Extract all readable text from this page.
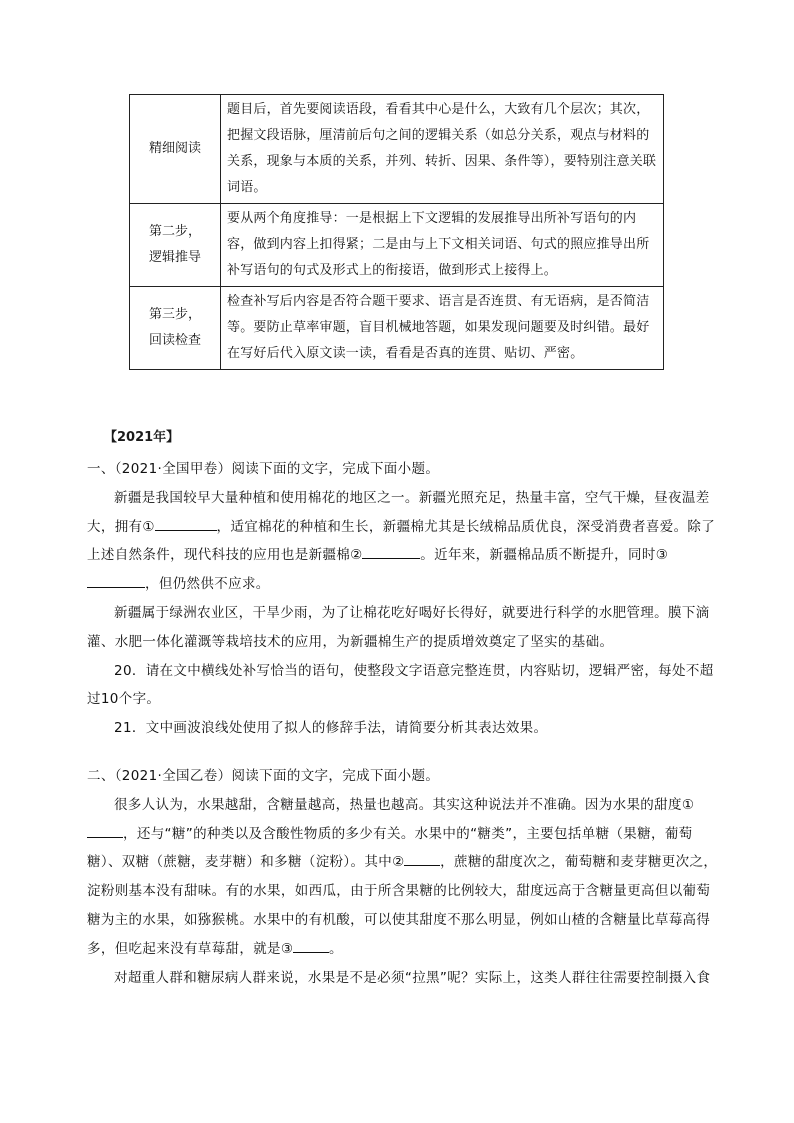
精细阅读	题目后，首先要阅读语段，看看其中心是什么，大致有几个层次；其次，把握文段语脉，厘清前后句之间的逻辑关系（如总分关系，观点与材料的关系，现象与本质的关系，并列、转折、因果、条件等），要特别注意关联词语。

第二步，
逻辑推导	要从两个角度推导：一是根据上下文逻辑的发展推导出所补写语句的内容，做到内容上扣得紧；二是由与上下文相关词语、句式的照应推导出所补写语句的句式及形式上的衔接语，做到形式上接得上。

第三步，
回读检查	检查补写后内容是否符合题干要求、语言是否连贯、有无语病，是否简洁等。要防止草率审题，盲目机械地答题，如果发现问题要及时纠错。最好在写好后代入原文读一读，看看是否真的连贯、贴切、严密。
【2021年】

一、（2021·全国甲卷）阅读下面的文字，完成下面小题。

新疆是我国较早大量种植和使用棉花的地区之一。新疆光照充足，热量丰富，空气干燥，昼夜温差大，拥有①	，适宜棉花的种植和生长，新疆棉尤其是长绒棉品质优良，深受消费者喜爱。除了上述自然条件，现代科技的应用也是新疆棉②	。近年来，新疆棉品质不断提升，同时③，但仍然供不应求。

新疆属于绿洲农业区，干旱少雨，为了让棉花吃好喝好长得好，就要进行科学的水肥管理。膜下滴灌、水肥一体化灌溉等栽培技术的应用，为新疆棉生产的提质增效奠定了坚实的基础。

20．请在文中横线处补写恰当的语句，使整段文字语意完整连贯，内容贴切，逻辑严密，每处不超过10个字。

21．文中画波浪线处使用了拟人的修辞手法，请简要分析其表达效果。

二、（2021·全国乙卷）阅读下面的文字，完成下面小题。

很多人认为，水果越甜，含糖量越高，热量也越高。其实这种说法并不准确。因为水果的甜度①，还与“糖”的种类以及含酸性物质的多少有关。水果中的“糖类”，主要包括单糖（果糖，葡萄糖）、双糖（蔗糖，麦芽糖）和多糖（淀粉）。其中②	，蔗糖的甜度次之，葡萄糖和麦芽糖更次之，淀粉则基本没有甜味。有的水果，如西瓜，由于所含果糖的比例较大，甜度远高于含糖量更高但以葡萄糖为主的水果，如猕猴桃。水果中的有机酸，可以使其甜度不那么明显，例如山楂的含糖量比草莓高得多，但吃起来没有草莓甜，就是③	。

对超重人群和糖尿病人群来说，水果是不是必须“拉黑”呢？实际上，这类人群往往需要控制摄入食
